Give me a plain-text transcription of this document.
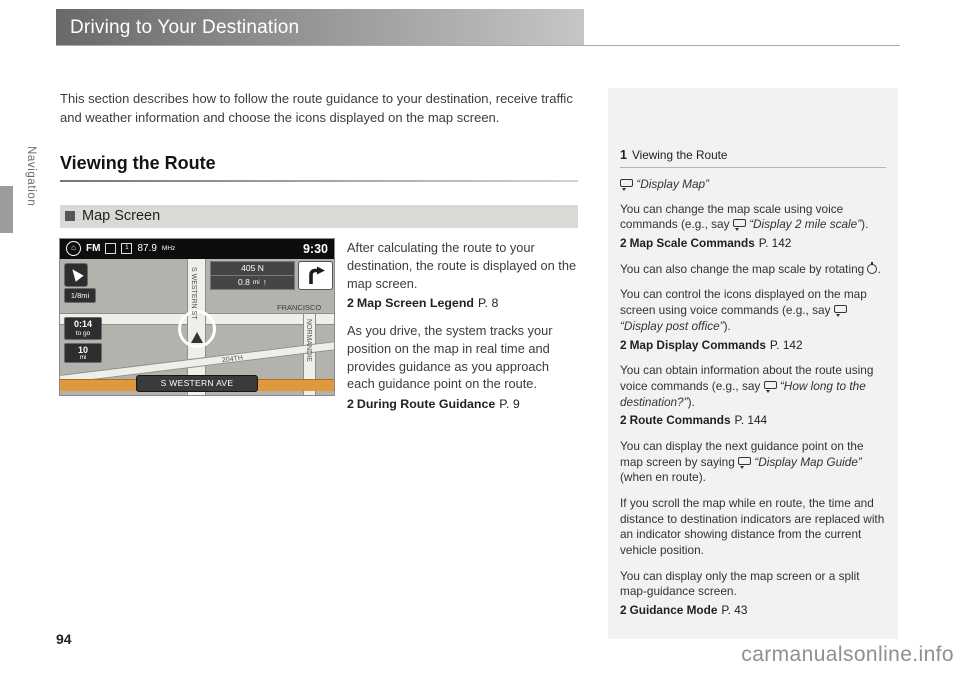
Driving to Your Destination
Navigation

This section describes how to follow the route guidance to your destination, receive traffic and weather information and choose the icons displayed on the map screen.

Viewing the Route
Map Screen
⌂	FM	1 87.9 MHz	9:30
FRANCISCO
S WESTERN ST
NORMANDIE
204TH
1/8mi
0:14
to go
10
mi
405 N
0.8 mi ↑
S WESTERN AVE

After calculating the route to your destination, the route is displayed on the map screen.

2 Map Screen Legend P. 8

As you drive, the system tracks your position on the map in real time and provides guidance as you approach each guidance point on the route.

2 During Route Guidance P. 9

1 Viewing the Route

“Display Map”

You can change the map scale using voice commands (e.g., say  “Display 2 mile scale”).

2 Map Scale Commands P. 142

You can also change the map scale by rotating .

You can control the icons displayed on the map screen using voice commands (e.g., say  “Display post office”).

2 Map Display Commands P. 142

You can obtain information about the route using voice commands (e.g., say  “How long to the destination?”).

2 Route Commands P. 144

You can display the next guidance point on the map screen by saying  “Display Map Guide” (when en route).

If you scroll the map while en route, the time and distance to destination indicators are replaced with an indicator showing distance from the current vehicle position.

You can display only the map screen or a split map-guidance screen.

2 Guidance Mode P. 43

94
carmanualsonline.info
